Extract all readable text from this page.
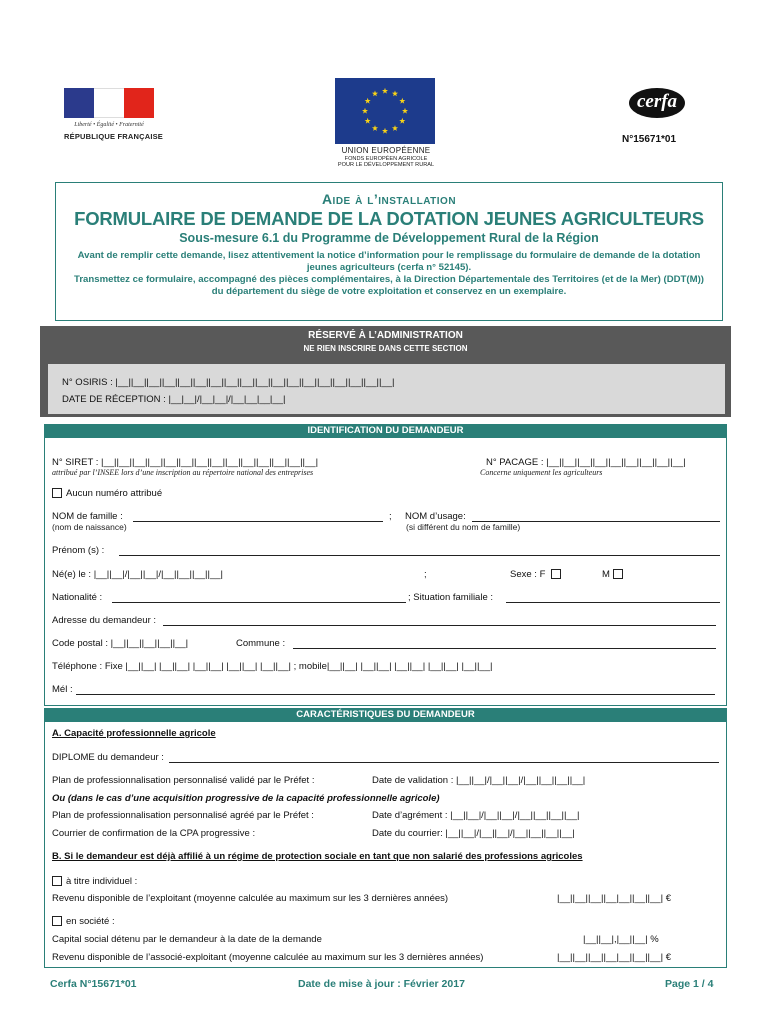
Liberté • Égalité • Fraternité
RÉPUBLIQUE FRANÇAISE
UNION EUROPÉENNE
FONDS EUROPÉEN AGRICOLE
POUR LE DÉVELOPPEMENT RURAL
cerfa
N°15671*01
Aide à l’installation
FORMULAIRE DE DEMANDE DE LA DOTATION JEUNES AGRICULTEURS
Sous-mesure 6.1 du Programme de Développement Rural de la Région
Avant de remplir cette demande, lisez attentivement la notice d’information pour le remplissage du formulaire de demande de la dotation jeunes agriculteurs (cerfa n° 52145).
Transmettez ce formulaire, accompagné des pièces complémentaires, à la Direction Départementale des Territoires (et de la Mer) (DDT(M)) du département du siège de votre exploitation et conservez en un exemplaire.
RÉSERVÉ À L’ADMINISTRATION
NE RIEN INSCRIRE DANS CETTE SECTION
N° OSIRIS : |__||__||__||__||__||__||__||__||__||__||__||__||__||__||__||__||__||__|
DATE DE RÉCEPTION : |__|__|/|__|__|/|__|__|__|__|
IDENTIFICATION DU DEMANDEUR
N° SIRET : |__||__||__||__||__||__||__||__||__||__||__||__||__||__|
attribué par l’INSEE lors d’une inscription au répertoire national des entreprises
N° PACAGE : |__||__||__||__||__||__||__||__||__|
Concerne uniquement les agriculteurs
Aucun numéro attribué
NOM de famille :	; NOM d’usage:
(nom de naissance)	(si différent du nom de famille)
Prénom (s) :
Né(e) le : |__||__|/|__||__|/|__||__||__||__|	;	Sexe : F	M
Nationalité :	; Situation familiale :
Adresse du demandeur :
Code postal : |__||__||__||__||__|	Commune :
Téléphone : Fixe |__||__| |__||__| |__||__| |__||__| |__||__| ; mobile|__||__| |__||__| |__||__| |__||__| |__||__|
Mél :
CARACTÉRISTIQUES DU DEMANDEUR
A. Capacité professionnelle agricole
DIPLOME du demandeur :
Plan de professionnalisation personnalisé validé par le Préfet :	Date de validation : |__||__|/|__||__|/|__||__||__||__|
Ou (dans le cas d’une acquisition progressive de la capacité professionnelle agricole)
Plan de professionnalisation personnalisé agréé par le Préfet :	Date d’agrément : |__||__|/|__||__|/|__||__||__||__|
Courrier de confirmation de la CPA progressive :	Date du courrier: |__||__|/|__||__|/|__||__||__||__|
B. Si le demandeur est déjà affilié à un régime de protection sociale en tant que non salarié des professions agricoles
à titre individuel :
Revenu disponible de l’exploitant (moyenne calculée au maximum sur les 3 dernières années)	|__||__||__||__|__||__||__| €
en société :
Capital social détenu par le demandeur à la date de la demande	|__||__|,|__||__| %
Revenu disponible de l’associé-exploitant (moyenne calculée au maximum sur les 3 dernières années)	|__||__||__||__|__||__||__| €
Cerfa N°15671*01	Date de mise à jour : Février 2017	Page 1 / 4
